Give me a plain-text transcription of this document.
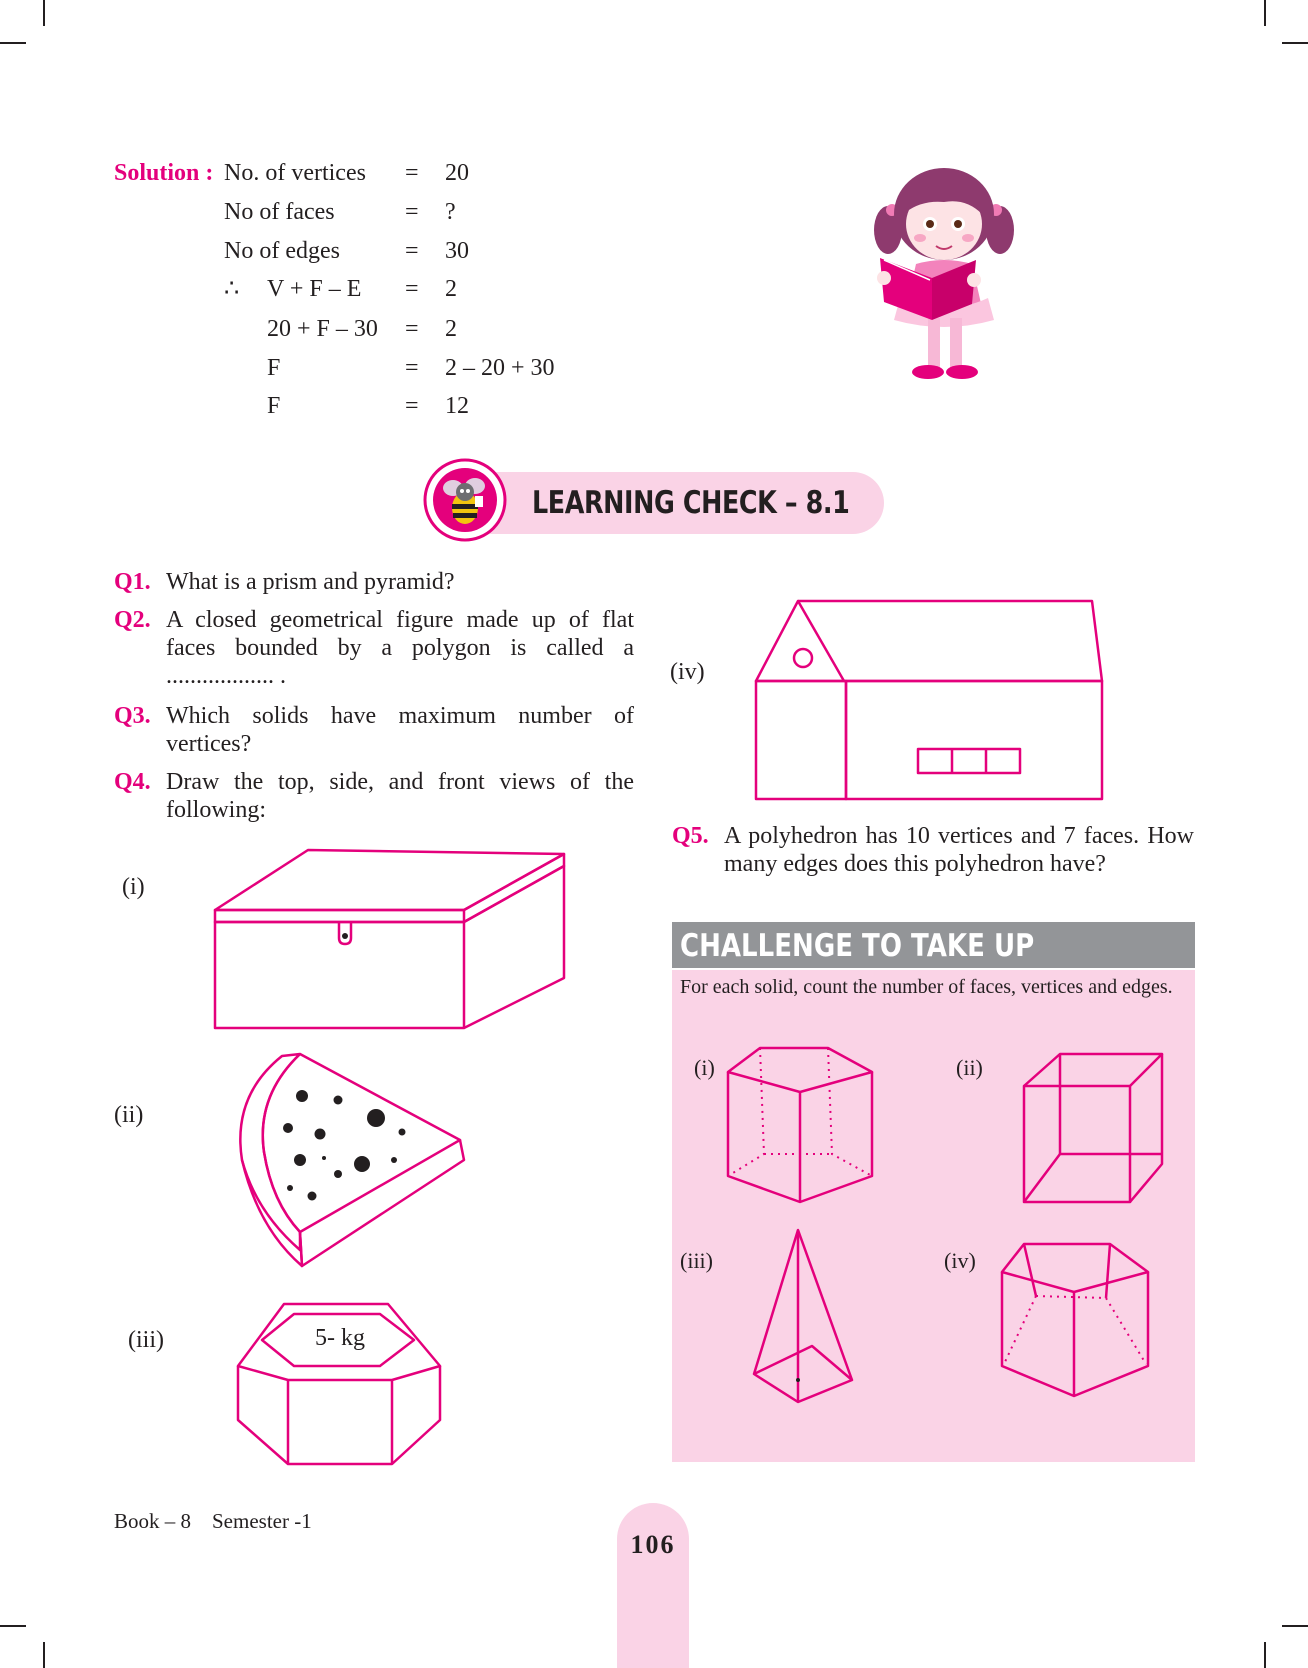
Solution : No. of vertices = 20
No of faces	= ?
No of edges	= 30
∴ V + F – E = 2
20 + F – 30 = 2
F	= 2 – 20 + 30
F	= 12
LEARNING CHECK – 8.1
Q1. What is a prism and pyramid?
Q2. A closed geometrical figure made up of flat faces bounded by a polygon is called a .................. .
Q3. Which solids have maximum number of vertices?
Q4. Draw the top, side, and front views of the following:
(i)
(ii)
(iii)
(iv)
5- kg
Q5. A polyhedron has 10 vertices and 7 faces. How many edges does this polyhedron have?
CHALLENGE TO TAKE UP
For each solid, count the number of faces, vertices and edges.
(i)	(ii)
(iii)	(iv)
Book – 8    Semester -1
106
